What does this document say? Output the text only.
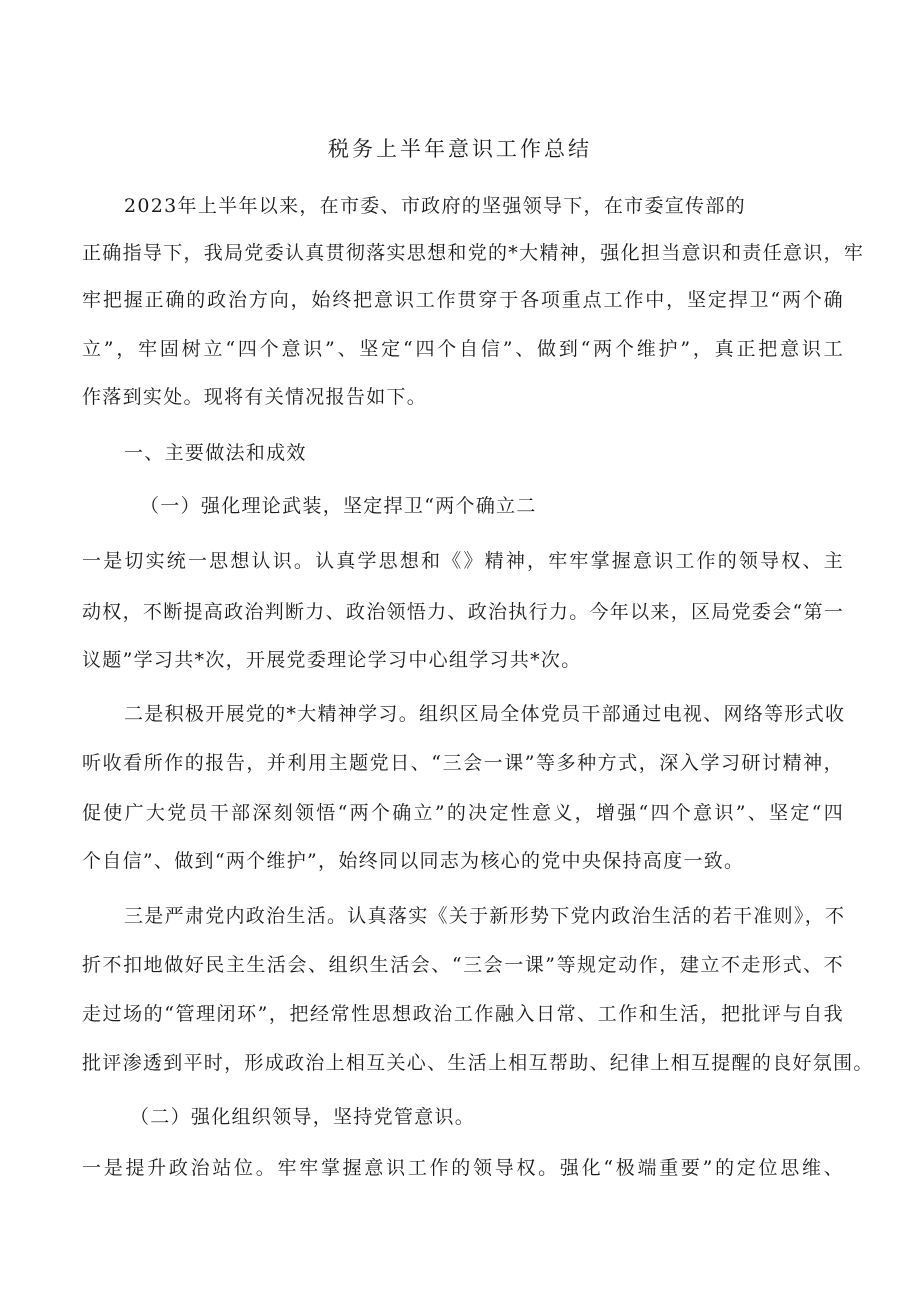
税务上半年意识工作总结
2023年上半年以来，在市委、市政府的坚强领导下，在市委宣传部的
正确指导下，我局党委认真贯彻落实思想和党的*大精神，强化担当意识和责任意识，牢
牢把握正确的政治方向，始终把意识工作贯穿于各项重点工作中，坚定捍卫“两个确
立”，牢固树立“四个意识”、坚定“四个自信”、做到“两个维护”，真正把意识工
作落到实处。现将有关情况报告如下。
一、主要做法和成效
（一）强化理论武装，坚定捍卫“两个确立二
一是切实统一思想认识。认真学思想和《》精神，牢牢掌握意识工作的领导权、主
动权，不断提高政治判断力、政治领悟力、政治执行力。今年以来，区局党委会“第一
议题”学习共*次，开展党委理论学习中心组学习共*次。
二是积极开展党的*大精神学习。组织区局全体党员干部通过电视、网络等形式收
听收看所作的报告，并利用主题党日、“三会一课”等多种方式，深入学习研讨精神，
促使广大党员干部深刻领悟“两个确立”的决定性意义，增强“四个意识”、坚定“四
个自信”、做到“两个维护”，始终同以同志为核心的党中央保持高度一致。
三是严肃党内政治生活。认真落实《关于新形势下党内政治生活的若干准则》，不
折不扣地做好民主生活会、组织生活会、“三会一课”等规定动作，建立不走形式、不
走过场的“管理闭环”，把经常性思想政治工作融入日常、工作和生活，把批评与自我
批评渗透到平时，形成政治上相互关心、生活上相互帮助、纪律上相互提醒的良好氛围。
（二）强化组织领导，坚持党管意识。
一是提升政治站位。牢牢掌握意识工作的领导权。强化“极端重要”的定位思维、
